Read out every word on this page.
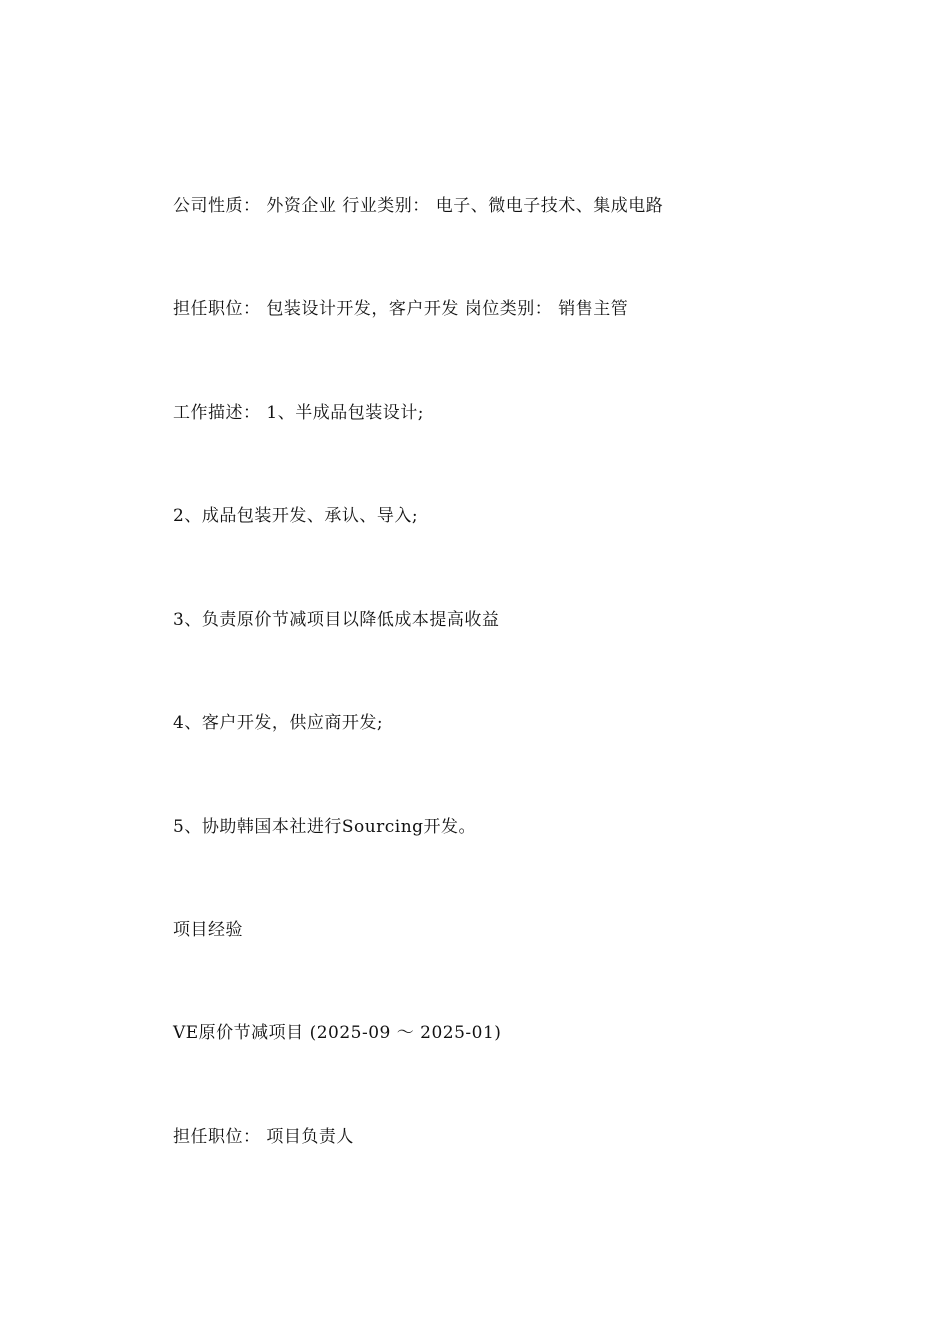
公司性质： 外资企业 行业类别： 电子、微电子技术、集成电路

担任职位： 包装设计开发，客户开发 岗位类别： 销售主管

工作描述： 1、半成品包装设计;

2、成品包装开发、承认、导入;

3、负责原价节减项目以降低成本提高收益

4、客户开发，供应商开发;

5、协助韩国本社进行Sourcing开发。

项目经验

VE原价节减项目 (2025-09 ～ 2025-01)

担任职位： 项目负责人
